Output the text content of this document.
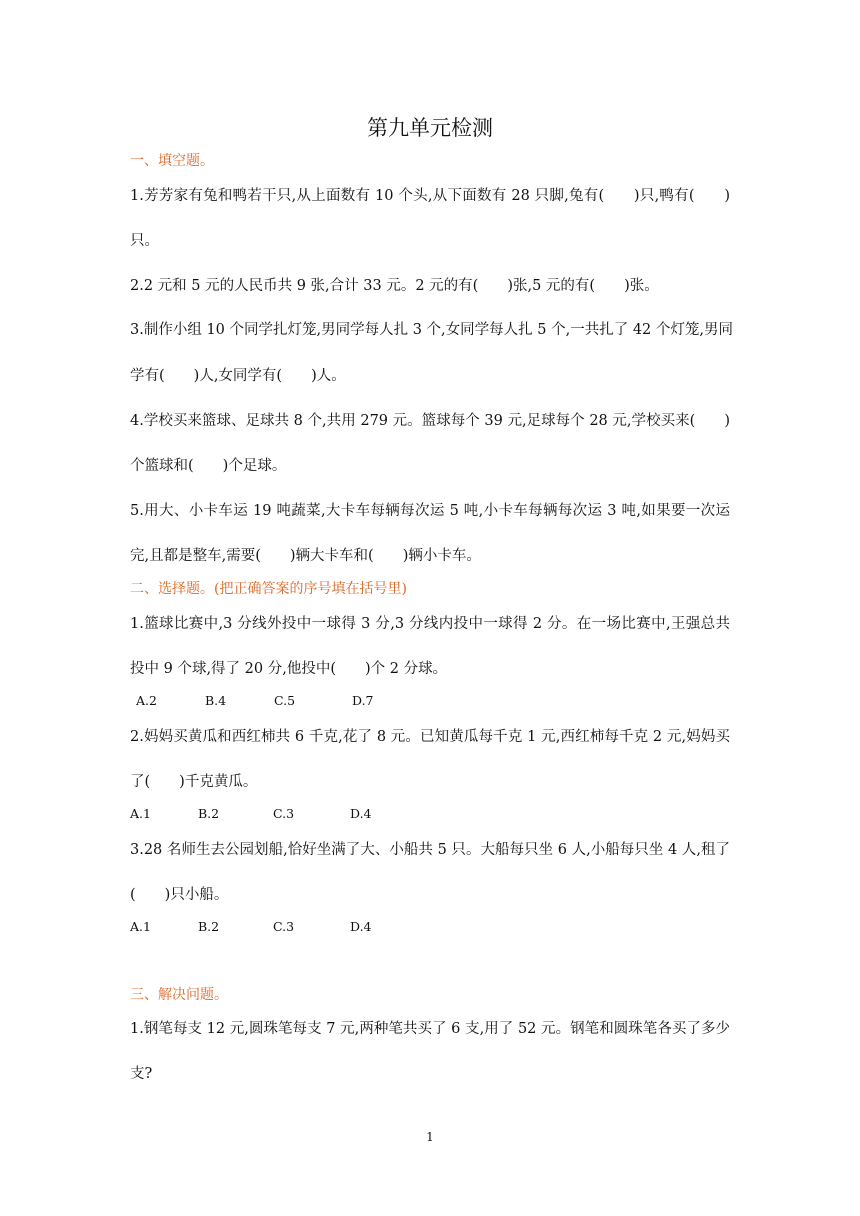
第九单元检测
一、填空题。
1.芳芳家有兔和鸭若干只,从上面数有 10 个头,从下面数有 28 只脚,兔有(　　)只,鸭有(　　)
只。
2.2 元和 5 元的人民币共 9 张,合计 33 元。2 元的有(　　)张,5 元的有(　　)张。
3.制作小组 10 个同学扎灯笼,男同学每人扎 3 个,女同学每人扎 5 个,一共扎了 42 个灯笼,男同
学有(　　)人,女同学有(　　)人。
4.学校买来篮球、足球共 8 个,共用 279 元。篮球每个 39 元,足球每个 28 元,学校买来(　　)
个篮球和(　　)个足球。
5.用大、小卡车运 19 吨蔬菜,大卡车每辆每次运 5 吨,小卡车每辆每次运 3 吨,如果要一次运
完,且都是整车,需要(　　)辆大卡车和(　　)辆小卡车。
二、选择题。(把正确答案的序号填在括号里)
1.篮球比赛中,3 分线外投中一球得 3 分,3 分线内投中一球得 2 分。在一场比赛中,王强总共
投中 9 个球,得了 20 分,他投中(　　)个 2 分球。
A.2	B.4	C.5	D.7
2.妈妈买黄瓜和西红柿共 6 千克,花了 8 元。已知黄瓜每千克 1 元,西红柿每千克 2 元,妈妈买
了(　　)千克黄瓜。
A.1	B.2	C.3	D.4
3.28 名师生去公园划船,恰好坐满了大、小船共 5 只。大船每只坐 6 人,小船每只坐 4 人,租了
(　　)只小船。
A.1	B.2	C.3	D.4
三、解决问题。
1.钢笔每支 12 元,圆珠笔每支 7 元,两种笔共买了 6 支,用了 52 元。钢笔和圆珠笔各买了多少
支?
1
